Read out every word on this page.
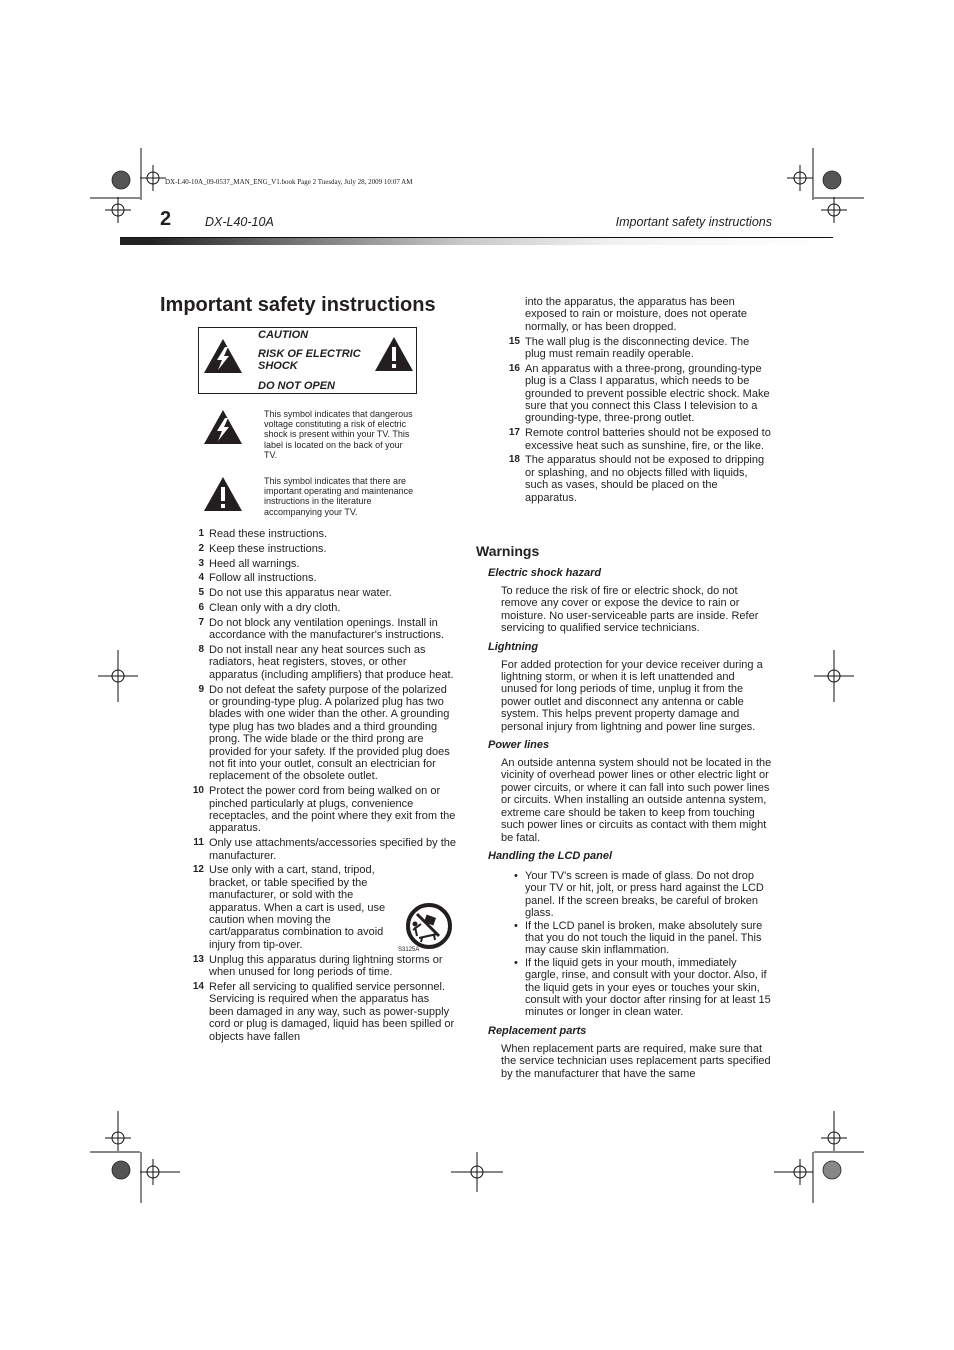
DX-L40-10A_09-0537_MAN_ENG_V1.book Page 2 Tuesday, July 28, 2009 10:07 AM
2	DX-L40-10A	Important safety instructions
Important safety instructions
CAUTION
RISK OF ELECTRIC SHOCK
DO NOT OPEN
This symbol indicates that dangerous voltage constituting a risk of electric shock is present within your TV. This label is located on the back of your TV.
This symbol indicates that there are important operating and maintenance instructions in the literature accompanying your TV.
1 Read these instructions.
2 Keep these instructions.
3 Heed all warnings.
4 Follow all instructions.
5 Do not use this apparatus near water.
6 Clean only with a dry cloth.
7 Do not block any ventilation openings. Install in accordance with the manufacturer's instructions.
8 Do not install near any heat sources such as radiators, heat registers, stoves, or other apparatus (including amplifiers) that produce heat.
9 Do not defeat the safety purpose of the polarized or grounding-type plug. A polarized plug has two blades with one wider than the other. A grounding type plug has two blades and a third grounding prong. The wide blade or the third prong are provided for your safety. If the provided plug does not fit into your outlet, consult an electrician for replacement of the obsolete outlet.
10 Protect the power cord from being walked on or pinched particularly at plugs, convenience receptacles, and the point where they exit from the apparatus.
11 Only use attachments/accessories specified by the manufacturer.
12 Use only with a cart, stand, tripod, bracket, or table specified by the manufacturer, or sold with the apparatus. When a cart is used, use caution when moving the cart/apparatus combination to avoid injury from tip-over.
13 Unplug this apparatus during lightning storms or when unused for long periods of time.
14 Refer all servicing to qualified service personnel. Servicing is required when the apparatus has been damaged in any way, such as power-supply cord or plug is damaged, liquid has been spilled or objects have fallen
S3125A
into the apparatus, the apparatus has been exposed to rain or moisture, does not operate normally, or has been dropped.
15 The wall plug is the disconnecting device. The plug must remain readily operable.
16 An apparatus with a three-prong, grounding-type plug is a Class I apparatus, which needs to be grounded to prevent possible electric shock. Make sure that you connect this Class I television to a grounding-type, three-prong outlet.
17 Remote control batteries should not be exposed to excessive heat such as sunshine, fire, or the like.
18 The apparatus should not be exposed to dripping or splashing, and no objects filled with liquids, such as vases, should be placed on the apparatus.
Warnings
Electric shock hazard
To reduce the risk of fire or electric shock, do not remove any cover or expose the device to rain or moisture. No user-serviceable parts are inside. Refer servicing to qualified service technicians.
Lightning
For added protection for your device receiver during a lightning storm, or when it is left unattended and unused for long periods of time, unplug it from the power outlet and disconnect any antenna or cable system. This helps prevent property damage and personal injury from lightning and power line surges.
Power lines
An outside antenna system should not be located in the vicinity of overhead power lines or other electric light or power circuits, or where it can fall into such power lines or circuits. When installing an outside antenna system, extreme care should be taken to keep from touching such power lines or circuits as contact with them might be fatal.
Handling the LCD panel
• Your TV's screen is made of glass. Do not drop your TV or hit, jolt, or press hard against the LCD panel. If the screen breaks, be careful of broken glass.
• If the LCD panel is broken, make absolutely sure that you do not touch the liquid in the panel. This may cause skin inflammation.
• If the liquid gets in your mouth, immediately gargle, rinse, and consult with your doctor. Also, if the liquid gets in your eyes or touches your skin, consult with your doctor after rinsing for at least 15 minutes or longer in clean water.
Replacement parts
When replacement parts are required, make sure that the service technician uses replacement parts specified by the manufacturer that have the same
